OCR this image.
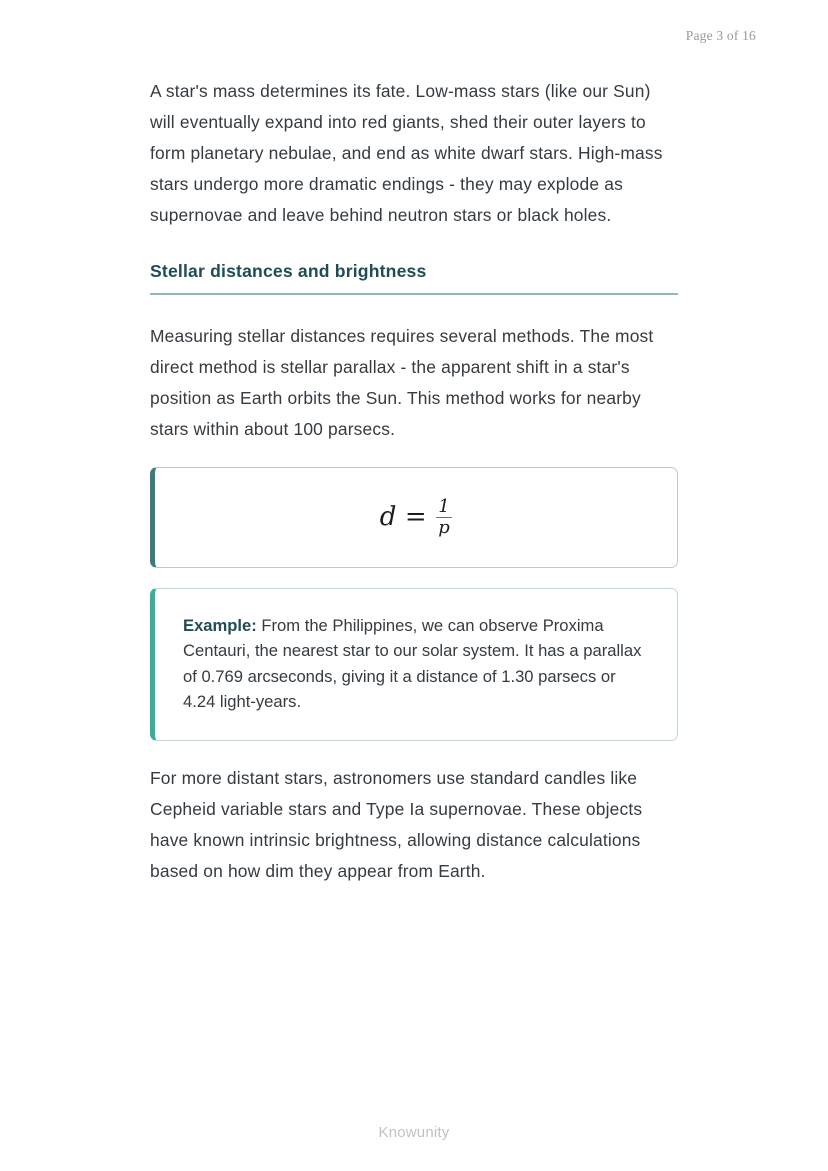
Page 3 of 16

A star's mass determines its fate. Low-mass stars (like our Sun) will eventually expand into red giants, shed their outer layers to form planetary nebulae, and end as white dwarf stars. High-mass stars undergo more dramatic endings - they may explode as supernovae and leave behind neutron stars or black holes.

Stellar distances and brightness

Measuring stellar distances requires several methods. The most direct method is stellar parallax - the apparent shift in a star's position as Earth orbits the Sun. This method works for nearby stars within about 100 parsecs.

$d = \frac{1}{p}$

Example: From the Philippines, we can observe Proxima Centauri, the nearest star to our solar system. It has a parallax of 0.769 arcseconds, giving it a distance of 1.30 parsecs or 4.24 light-years.

For more distant stars, astronomers use standard candles like Cepheid variable stars and Type Ia supernovae. These objects have known intrinsic brightness, allowing distance calculations based on how dim they appear from Earth.

Knowunity
